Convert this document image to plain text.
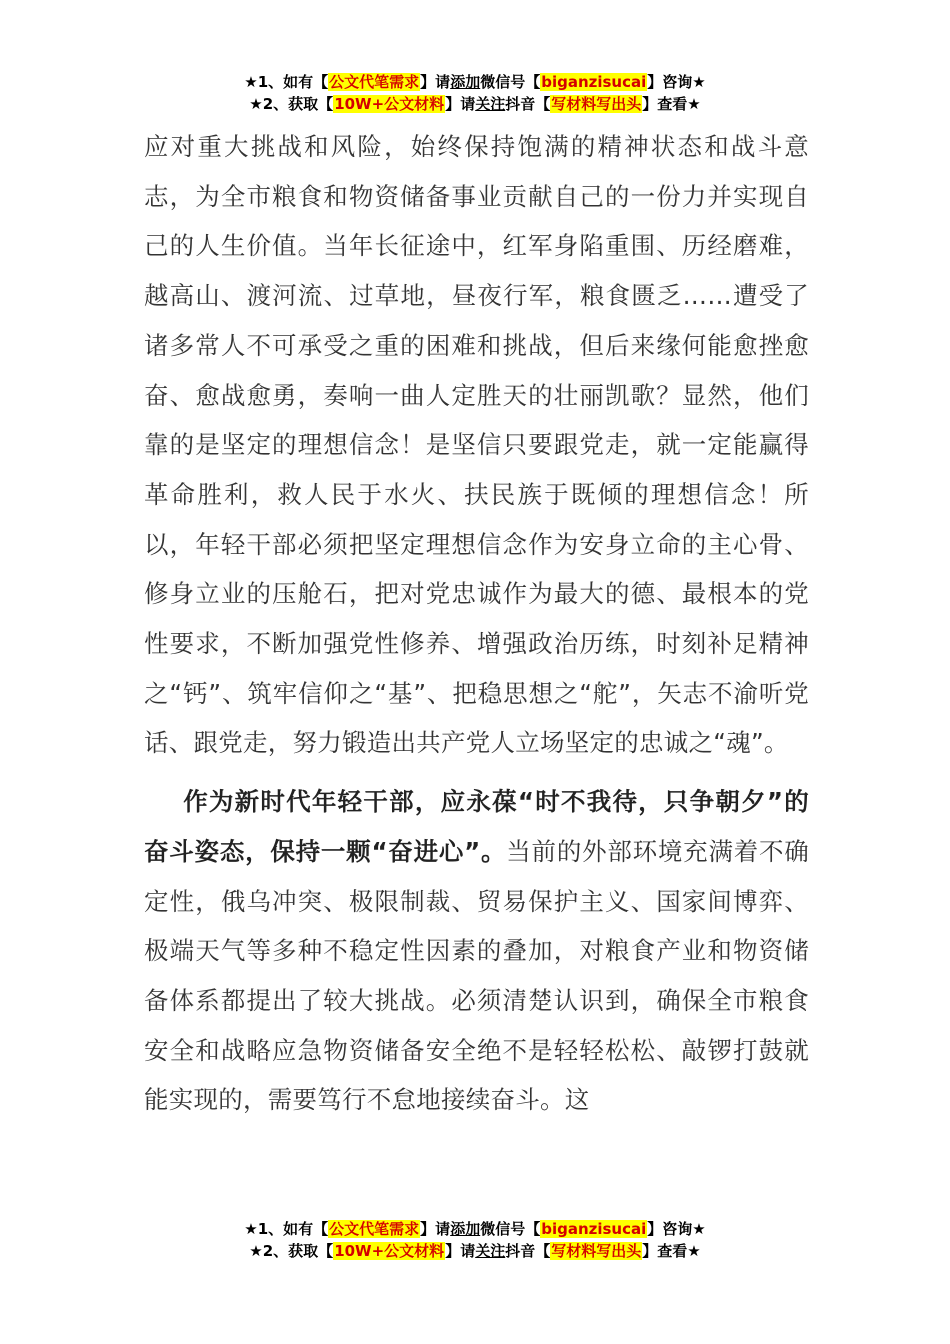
★1、如有【公文代笔需求】请添加微信号【biganzisucai】咨询★
★2、获取【10W+公文材料】请关注抖音【写材料写出头】查看★

应对重大挑战和风险，始终保持饱满的精神状态和战斗意志，为全市粮食和物资储备事业贡献自己的一份力并实现自己的人生价值。当年长征途中，红军身陷重围、历经磨难，越高山、渡河流、过草地，昼夜行军，粮食匮乏……遭受了诸多常人不可承受之重的困难和挑战，但后来缘何能愈挫愈奋、愈战愈勇，奏响一曲人定胜天的壮丽凯歌？显然，他们靠的是坚定的理想信念！是坚信只要跟党走，就一定能赢得革命胜利，救人民于水火、扶民族于既倾的理想信念！所以，年轻干部必须把坚定理想信念作为安身立命的主心骨、修身立业的压舱石，把对党忠诚作为最大的德、最根本的党性要求，不断加强党性修养、增强政治历练，时刻补足精神之“钙”、筑牢信仰之“基”、把稳思想之“舵”，矢志不渝听党话、跟党走，努力锻造出共产党人立场坚定的忠诚之“魂”。

作为新时代年轻干部，应永葆“时不我待，只争朝夕”的奋斗姿态，保持一颗“奋进心”。当前的外部环境充满着不确定性，俄乌冲突、极限制裁、贸易保护主义、国家间博弈、极端天气等多种不稳定性因素的叠加，对粮食产业和物资储备体系都提出了较大挑战。必须清楚认识到，确保全市粮食安全和战略应急物资储备安全绝不是轻轻松松、敲锣打鼓就能实现的，需要笃行不怠地接续奋斗。这

★1、如有【公文代笔需求】请添加微信号【biganzisucai】咨询★
★2、获取【10W+公文材料】请关注抖音【写材料写出头】查看★
